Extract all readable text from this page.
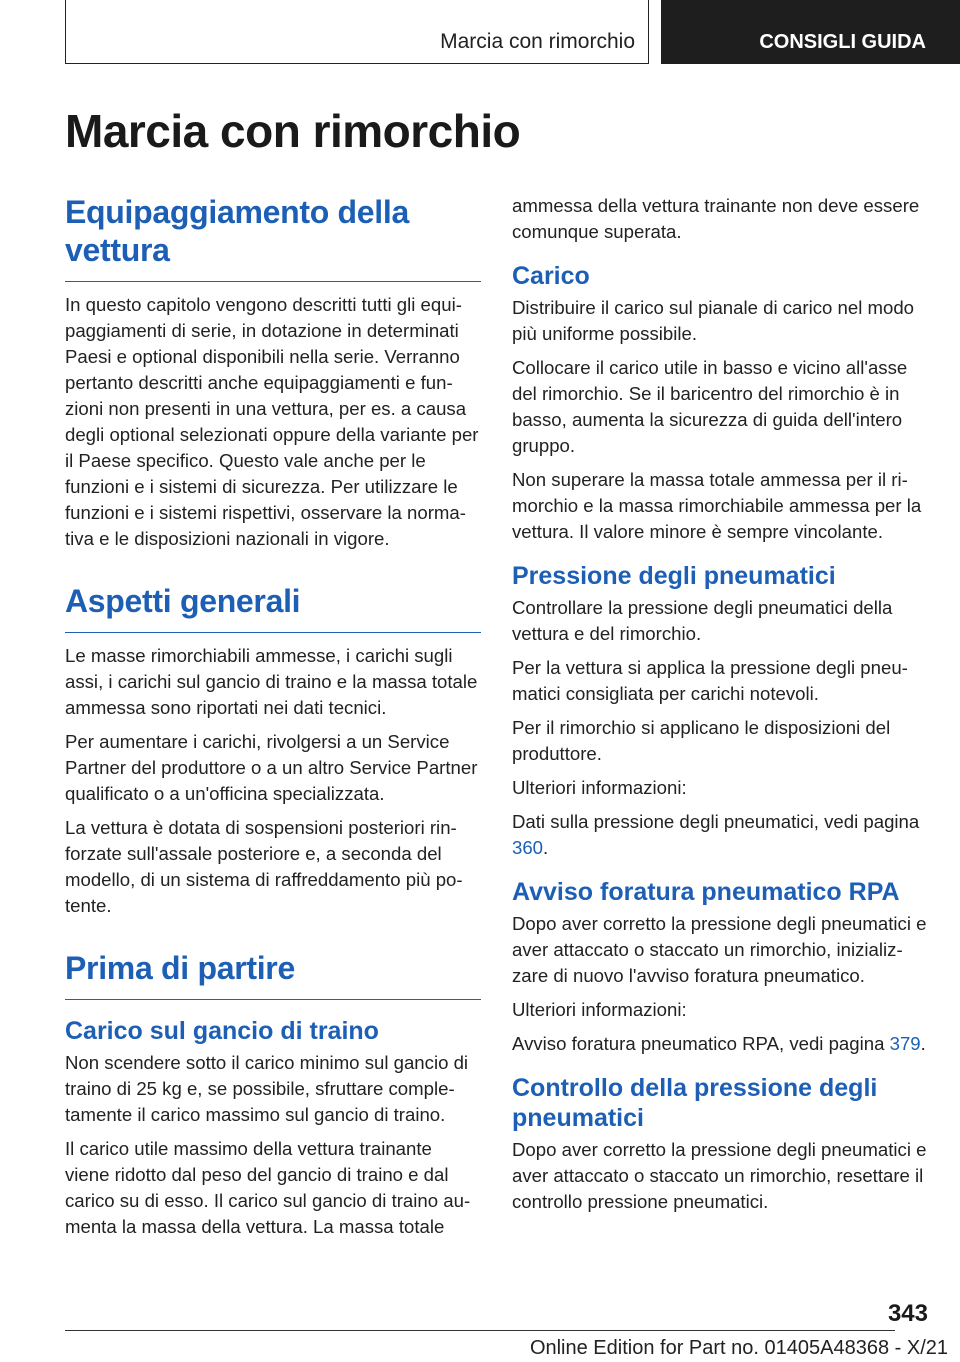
Marcia con rimorchio	CONSIGLI GUIDA
Marcia con rimorchio
Equipaggiamento della vettura

In questo capitolo vengono descritti tutti gli equipaggiamenti di serie, in dotazione in determinati Paesi e optional disponibili nella serie. Verranno pertanto descritti anche equipaggiamenti e funzioni non presenti in una vettura, per es. a causa degli optional selezionati oppure della variante per il Paese specifico. Questo vale anche per le funzioni e i sistemi di sicurezza. Per utilizzare le funzioni e i sistemi rispettivi, osservare la normativa e le disposizioni nazionali in vigore.

Aspetti generali

Le masse rimorchiabili ammesse, i carichi sugli assi, i carichi sul gancio di traino e la massa totale ammessa sono riportati nei dati tecnici.

Per aumentare i carichi, rivolgersi a un Service Partner del produttore o a un altro Service Partner qualificato o a un'officina specializzata.

La vettura è dotata di sospensioni posteriori rinforzate sull'assale posteriore e, a seconda del modello, di un sistema di raffreddamento più potente.

Prima di partire
Carico sul gancio di traino

Non scendere sotto il carico minimo sul gancio di traino di 25 kg e, se possibile, sfruttare completamente il carico massimo sul gancio di traino.

Il carico utile massimo della vettura trainante viene ridotto dal peso del gancio di traino e dal carico su di esso. Il carico sul gancio di traino aumenta la massa della vettura. La massa totale

ammessa della vettura trainante non deve essere comunque superata.

Carico

Distribuire il carico sul pianale di carico nel modo più uniforme possibile.

Collocare il carico utile in basso e vicino all'asse del rimorchio. Se il baricentro del rimorchio è in basso, aumenta la sicurezza di guida dell'intero gruppo.

Non superare la massa totale ammessa per il rimorchio e la massa rimorchiabile ammessa per la vettura. Il valore minore è sempre vincolante.

Pressione degli pneumatici

Controllare la pressione degli pneumatici della vettura e del rimorchio.

Per la vettura si applica la pressione degli pneumatici consigliata per carichi notevoli.

Per il rimorchio si applicano le disposizioni del produttore.

Ulteriori informazioni:

Dati sulla pressione degli pneumatici, vedi pagina 360.

Avviso foratura pneumatico RPA

Dopo aver corretto la pressione degli pneumatici e aver attaccato o staccato un rimorchio, inizializzare di nuovo l'avviso foratura pneumatico.

Ulteriori informazioni:

Avviso foratura pneumatico RPA, vedi pagina 379.

Controllo della pressione degli pneumatici

Dopo aver corretto la pressione degli pneumatici e aver attaccato o staccato un rimorchio, resettare il controllo pressione pneumatici.

343
Online Edition for Part no. 01405A48368 - X/21
